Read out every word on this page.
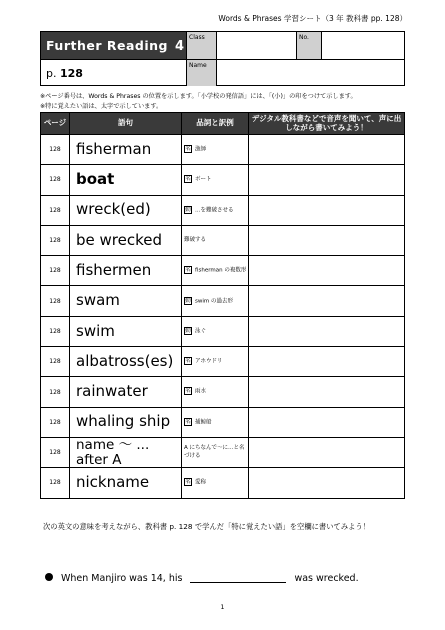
Words & Phrases 学習シート（3 年 教科書 pp. 128）
Further Reading 4
p. 128
Class	No.
Name
※ページ番号は、Words & Phrases の位置を示します。「小学校の発信語」には、「(小)」の印をつけて示します。
※特に覚えたい語は、太字で示しています。
ページ	語句	品詞と訳例	デジタル教科書などで音声を聞いて、声に出しながら書いてみよう！
128	fisherman	名 漁師	
128	boat	名 ボート	
128	wreck(ed)	動 …を難破させる	
128	be wrecked	難破する	
128	fishermen	名 fisherman の複数形	
128	swam	動 swim の過去形	
128	swim	動 泳ぐ	
128	albatross(es)	名 アホウドリ	
128	rainwater	名 雨水	
128	whaling ship	名 捕鯨船	
128	name ～ ... after A	A にちなんで～に…と名づける	
128	nickname	名 愛称	
次の英文の意味を考えながら、教科書 p. 128 で学んだ「特に覚えたい語」を空欄に書いてみよう！
When Manjiro was 14, his	was wrecked.
1
